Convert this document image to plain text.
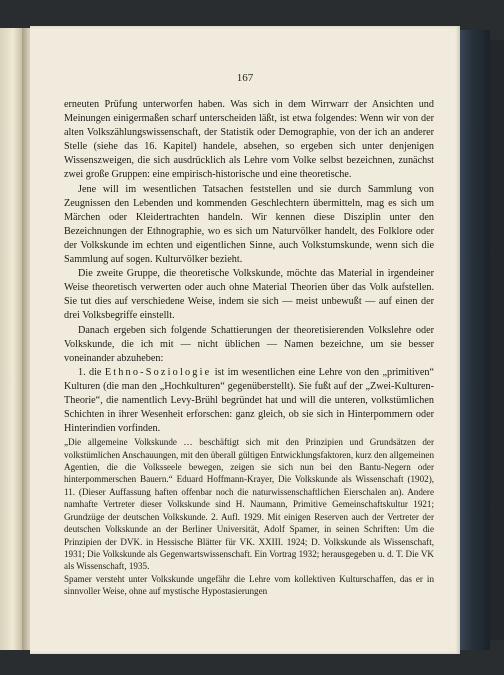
167

erneuten Prüfung unterworfen haben. Was sich in dem Wirrwarr der Ansichten und Meinungen einigermaßen scharf unterscheiden läßt, ist etwa folgendes: Wenn wir von der alten Volkszählungswissenschaft, der Statistik oder Demographie, von der ich an anderer Stelle (siehe das 16. Kapitel) handele, absehen, so ergeben sich unter denjenigen Wissenszweigen, die sich ausdrücklich als Lehre vom Volke selbst bezeichnen, zunächst zwei große Gruppen: eine empirisch-historische und eine theoretische.

Jene will im wesentlichen Tatsachen feststellen und sie durch Sammlung von Zeugnissen den Lebenden und kommenden Geschlechtern übermitteln, mag es sich um Märchen oder Kleidertrachten handeln. Wir kennen diese Disziplin unter den Bezeichnungen der Ethnographie, wo es sich um Naturvölker handelt, des Folklore oder der Volkskunde im echten und eigentlichen Sinne, auch Volkstumskunde, wenn sich die Sammlung auf sogen. Kulturvölker bezieht.

Die zweite Gruppe, die theoretische Volkskunde, möchte das Material in irgendeiner Weise theoretisch verwerten oder auch ohne Material Theorien über das Volk aufstellen. Sie tut dies auf verschiedene Weise, indem sie sich — meist unbewußt — auf einen der drei Volksbegriffe einstellt.

Danach ergeben sich folgende Schattierungen der theoretisierenden Volkslehre oder Volkskunde, die ich mit — nicht üblichen — Namen bezeichne, um sie besser voneinander abzuheben:

1. die Ethno-Soziologie ist im wesentlichen eine Lehre von den „primitiven“ Kulturen (die man den „Hochkulturen“ gegenüberstellt). Sie fußt auf der „Zwei-Kulturen-Theorie“, die namentlich Levy-Brühl begründet hat und will die unteren, volkstümlichen Schichten in ihrer Wesenheit erforschen: ganz gleich, ob sie sich in Hinterpommern oder Hinterindien vorfinden.

„Die allgemeine Volkskunde … beschäftigt sich mit den Prinzipien und Grundsätzen der volkstümlichen Anschauungen, mit den überall gültigen Entwicklungsfaktoren, kurz den allgemeinen Agentien, die die Volksseele bewegen, zeigen sie sich nun bei den Bantu-Negern oder hinterpommerschen Bauern.“ Eduard Hoffmann-Krayer, Die Volkskunde als Wissenschaft (1902), 11. (Dieser Auffassung haften offenbar noch die naturwissenschaftlichen Eierschalen an). Andere namhafte Vertreter dieser Volkskunde sind H. Naumann, Primitive Gemeinschaftskultur 1921; Grundzüge der deutschen Volkskunde. 2. Aufl. 1929. Mit einigen Reserven auch der Vertreter der deutschen Volkskunde an der Berliner Universität, Adolf Spamer, in seinen Schriften: Um die Prinzipien der DVK. in Hessische Blätter für VK. XXIII. 1924; D. Volkskunde als Wissenschaft, 1931; Die Volkskunde als Gegenwartswissenschaft. Ein Vortrag 1932; herausgegeben u. d. T. Die VK als Wissenschaft, 1935.

Spamer versteht unter Volkskunde ungefähr die Lehre vom kollektiven Kulturschaffen, das er in sinnvoller Weise, ohne auf mystische Hypostasierungen
